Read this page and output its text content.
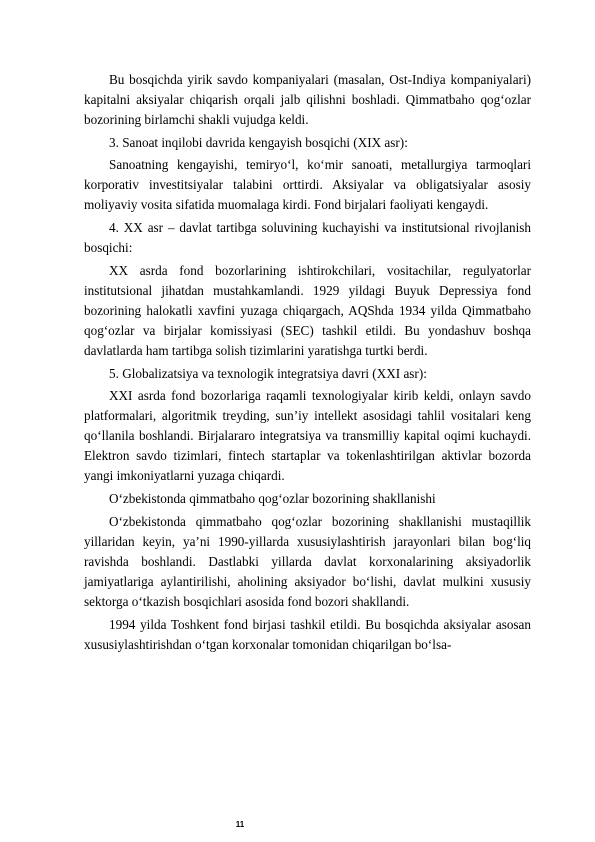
Bu bosqichda yirik savdo kompaniyalari (masalan, Ost-Indiya kompaniyalari) kapitalni aksiyalar chiqarish orqali jalb qilishni boshladi. Qimmatbaho qog‘ozlar bozorining birlamchi shakli vujudga keldi.

3. Sanoat inqilobi davrida kengayish bosqichi (XIX asr):

Sanoatning kengayishi, temiryo‘l, ko‘mir sanoati, metallurgiya tarmoqlari korporativ investitsiyalar talabini orttirdi. Aksiyalar va obligatsiyalar asosiy moliyaviy vosita sifatida muomalaga kirdi. Fond birjalari faoliyati kengaydi.

4. XX asr – davlat tartibga soluvining kuchayishi va institutsional rivojlanish bosqichi:

XX asrda fond bozorlarining ishtirokchilari, vositachilar, regulyatorlar institutsional jihatdan mustahkamlandi. 1929 yildagi Buyuk Depressiya fond bozorining halokatli xavfini yuzaga chiqargach, AQShda 1934 yilda Qimmatbaho qog‘ozlar va birjalar komissiyasi (SEC) tashkil etildi. Bu yondashuv boshqa davlatlarda ham tartibga solish tizimlarini yaratishga turtki berdi.

5. Globalizatsiya va texnologik integratsiya davri (XXI asr):

XXI asrda fond bozorlariga raqamli texnologiyalar kirib keldi, onlayn savdo platformalari, algoritmik treyding, sun’iy intellekt asosidagi tahlil vositalari keng qo‘llanila boshlandi. Birjalararo integratsiya va transmilliy kapital oqimi kuchaydi. Elektron savdo tizimlari, fintech startaplar va tokenlashtirilgan aktivlar bozorda yangi imkoniyatlarni yuzaga chiqardi.

O‘zbekistonda qimmatbaho qog‘ozlar bozorining shakllanishi

O‘zbekistonda qimmatbaho qog‘ozlar bozorining shakllanishi mustaqillik yillaridan keyin, ya’ni 1990-yillarda xususiylashtirish jarayonlari bilan bog‘liq ravishda boshlandi. Dastlabki yillarda davlat korxonalarining aksiyadorlik jamiyatlariga aylantirilishi, aholining aksiyador bo‘lishi, davlat mulkini xususiy sektorga o‘tkazish bosqichlari asosida fond bozori shakllandi.

1994 yilda Toshkent fond birjasi tashkil etildi. Bu bosqichda aksiyalar asosan xususiylashtirishdan o‘tgan korxonalar tomonidan chiqarilgan bo‘lsa-

11
